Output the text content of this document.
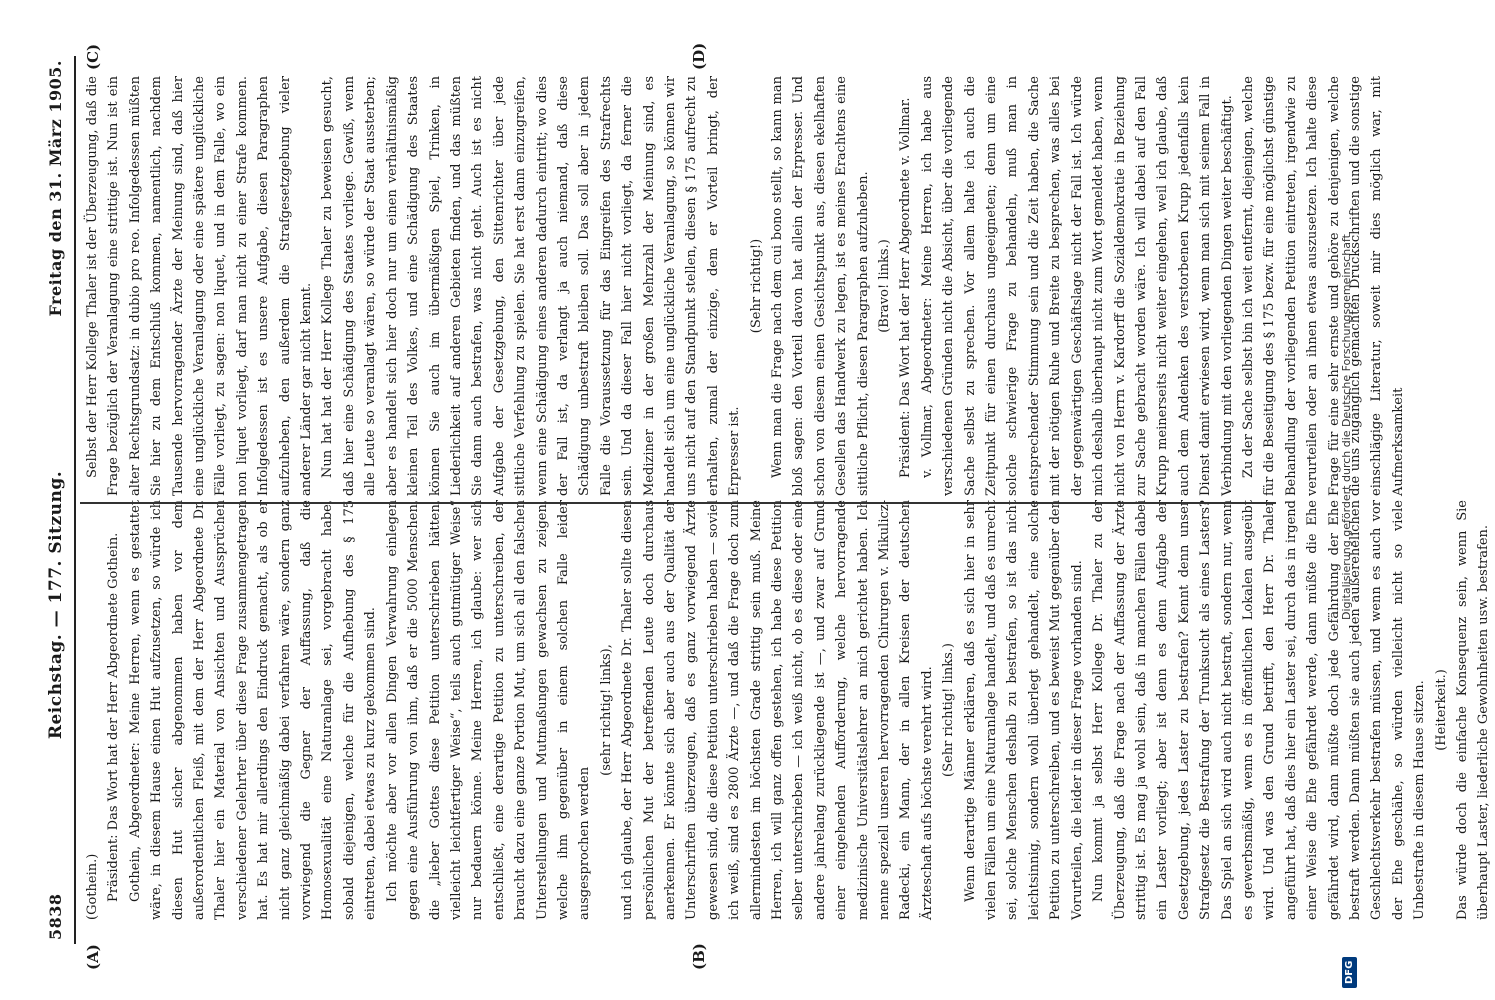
5838
Reichstag. — 177. Sitzung.
Freitag den 31. März 1905.
(A)	(B)
(C)	(D)

(Gothein.) Präsident: Das Wort hat der Herr Abgeordnete Gothein. Gothein, Abgeordneter: Meine Herren, wenn es gestattet wäre, in diesem Hause einen Hut aufzusetzen, so würde ich diesen Hut sicher abgenommen haben vor dem außerordentlichen Fleiß, mit dem der Herr Abgeordnete Dr. Thaler hier ein Material von Ansichten und Aussprüchen verschiedener Gelehrter über diese Frage zusammengetragen hat. Es hat mir allerdings den Eindruck gemacht, als ob er nicht ganz gleichmäßig dabei verfahren wäre, sondern ganz vorwiegend die Gegner der Auffassung, daß die Homosexualität eine Naturanlage sei, vorgebracht habe, sobald diejenigen, welche für die Aufhebung des § 175 eintreten, dabei etwas zu kurz gekommen sind. Ich möchte aber vor allen Dingen Verwahrung einlegen gegen eine Ausführung von ihm, daß er die 5000 Menschen, die „lieber Gottes diese Petition unterschrieben hätten, vielleicht leichtfertiger Weise“, teils auch gutmütiger Weise“ nur bedauern könne. Meine Herren, ich glaube: wer sich entschließt, eine derartige Petition zu unterschreiben, der braucht dazu eine ganze Portion Mut, um sich all den falschen Unterstellungen und Mutmaßungen gewachsen zu zeigen, welche ihm gegenüber in einem solchen Falle leider ausgesprochen werden

(sehr richtig! links), und ich glaube, der Herr Abgeordnete Dr. Thaler sollte diesen persönlichen Mut der betreffenden Leute doch durchaus anerkennen. Er könnte sich aber auch aus der Qualität der Unterschriften überzeugen, daß es ganz vorwiegend Ärzte gewesen sind, die diese Petition unterschrieben haben — soviel ich weiß, sind es 2800 Ärzte —, und daß die Frage doch zum allermindesten im höchsten Grade strittig sein muß. Meine Herren, ich will ganz offen gestehen, ich habe diese Petition selber unterschrieben — ich weiß nicht, ob es diese oder eine andere jahrelang zurückliegende ist —, und zwar auf Grund einer eingehenden Aufforderung, welche hervorragende medizinische Universitätslehrer an mich gerichtet haben. Ich nenne speziell unseren hervorragenden Chirurgen v. Mikulicz-Radecki, ein Mann, der in allen Kreisen der deutschen Ärzteschaft aufs höchste verehrt wird. (Sehr richtig! links.) Wenn derartige Männer erklären, daß es sich hier in sehr vielen Fällen um eine Naturanlage handelt, und daß es unrecht sei, solche Menschen deshalb zu bestrafen, so ist das nicht leichtsinnig, sondern wohl überlegt gehandelt, eine solche Petition zu unterschreiben, und es beweist Mut gegenüber den Vorurteilen, die leider in dieser Frage vorhanden sind. Nun kommt ja selbst Herr Kollege Dr. Thaler zu der Überzeugung, daß die Frage nach der Auffassung der Ärzte strittig ist. Es mag ja wohl sein, daß in manchen Fällen dabei ein Laster vorliegt; aber ist denn es denn Aufgabe der Gesetzgebung, jedes Laster zu bestrafen? Kennt denn unser Strafgesetz die Bestrafung der Trunksucht als eines Lasters? Das Spiel an sich wird auch nicht bestraft, sondern nur, wenn es gewerbsmäßig, wenn es in öffentlichen Lokalen ausgeübt wird. Und was den Grund betrifft, den Herr Dr. Thaler angeführt hat, daß dies hier ein Laster sei, durch das in irgend einer Weise die Ehe gefährdet werde, dann müßte die Ehe gefährdet wird, dann müßte doch jede Gefährdung der Ehe bestraft werden. Dann müßten sie auch jeden außerehelichen Geschlechtsverkehr bestrafen müssen, und wenn es auch vor der Ehe geschähe, so würden vielleicht nicht so viele Unbestrafte in diesem Hause sitzen. (Heiterkeit.) Das würde doch die einfache Konsequenz sein, wenn Sie überhaupt Laster, liederliche Gewohnheiten usw. bestrafen.

Selbst der Herr Kollege Thaler ist der Überzeugung, daß die Frage bezüglich der Veranlagung eine strittige ist. Nun ist ein alter Rechtsgrundsatz: in dubio pro reo. Infolgedessen müßten Sie hier zu dem Entschluß kommen, namentlich, nachdem Tausende hervorragender Ärzte der Meinung sind, daß hier eine unglückliche Veranlagung oder eine spätere unglückliche Fälle vorliegt, zu sagen: non liquet, und in dem Falle, wo ein non liquet vorliegt, darf man nicht zu einer Strafe kommen. Infolgedessen ist es unsere Aufgabe, diesen Paragraphen aufzuheben, den außerdem die Strafgesetzgebung vieler anderer Länder gar nicht kennt. Nun hat hat der Herr Kollege Thaler zu beweisen gesucht, daß hier eine Schädigung des Staates vorliege. Gewiß, wenn alle Leute so veranlagt wären, so würde der Staat aussterben; aber es handelt sich hier doch nur um einen verhältnismäßig kleinen Teil des Volkes, und eine Schädigung des Staates können Sie auch im übermäßigen Spiel, Trinken, in Liederlichkeit auf anderen Gebieten finden, und das müßten Sie dann auch bestrafen, was nicht geht. Auch ist es nicht Aufgabe der Gesetzgebung, den Sittenrichter über jede sittliche Verfehlung zu spielen. Sie hat erst dann einzugreifen, wenn eine Schädigung eines anderen dadurch eintritt; wo dies der Fall ist, da verlangt ja auch niemand, daß diese Schädigung unbestraft bleiben soll. Das soll aber in jedem Falle die Voraussetzung für das Eingreifen des Strafrechts sein. Und da dieser Fall hier nicht vorliegt, da ferner die Mediziner in der großen Mehrzahl der Meinung sind, es handelt sich um eine unglückliche Veranlagung, so können wir uns nicht auf den Standpunkt stellen, diesen § 175 aufrecht zu erhalten, zumal der einzige, dem er Vorteil bringt, der Erpresser ist.

(Sehr richtig!) Wenn man die Frage nach dem cui bono stellt, so kann man bloß sagen: den Vorteil davon hat allein der Erpresser. Und schon von diesem einen Gesichtspunkt aus, diesen ekelhaften Gesellen das Handwerk zu legen, ist es meines Erachtens eine sittliche Pflicht, diesen Paragraphen aufzuheben. (Bravo! links.) Präsident: Das Wort hat der Herr Abgeordnete v. Vollmar. v. Vollmar, Abgeordneter: Meine Herren, ich habe aus verschiedenen Gründen nicht die Absicht, über die vorliegende Sache selbst zu sprechen. Vor allem halte ich auch die Zeitpunkt für einen durchaus ungeeigneten; denn um eine solche schwierige Frage zu behandeln, muß man in entsprechender Stimmung sein und die Zeit haben, die Sache mit der nötigen Ruhe und Breite zu besprechen, was alles bei der gegenwärtigen Geschäftslage nicht der Fall ist. Ich würde mich deshalb überhaupt nicht zum Wort gemeldet haben, wenn nicht von Herrn v. Kardorff die Sozialdemokratie in Beziehung zur Sache gebracht worden wäre. Ich will dabei auf den Fall Krupp meinerseits nicht weiter eingehen, weil ich glaube, daß auch dem Andenken des verstorbenen Krupp jedenfalls kein Dienst damit erwiesen wird, wenn man sich mit seinem Fall in Verbindung mit den vorliegenden Dingen weiter beschäftigt. Zu der Sache selbst bin ich weit entfernt, diejenigen, welche für die Beseitigung des § 175 bezw. für eine möglichst günstige Behandlung der vorliegenden Petition eintreten, irgendwie zu verurteilen oder an ihnen etwas auszusetzen. Ich halte diese Frage für eine sehr ernste und gehöre zu denjenigen, welche die uns zugänglich gemachten Druckschriften und die sonstige einschlägige Literatur, soweit mir dies möglich war, mit Aufmerksamkeit

Digitalisierung gefördert durch die Deutsche Forschungsgemeinschaft
DFG
